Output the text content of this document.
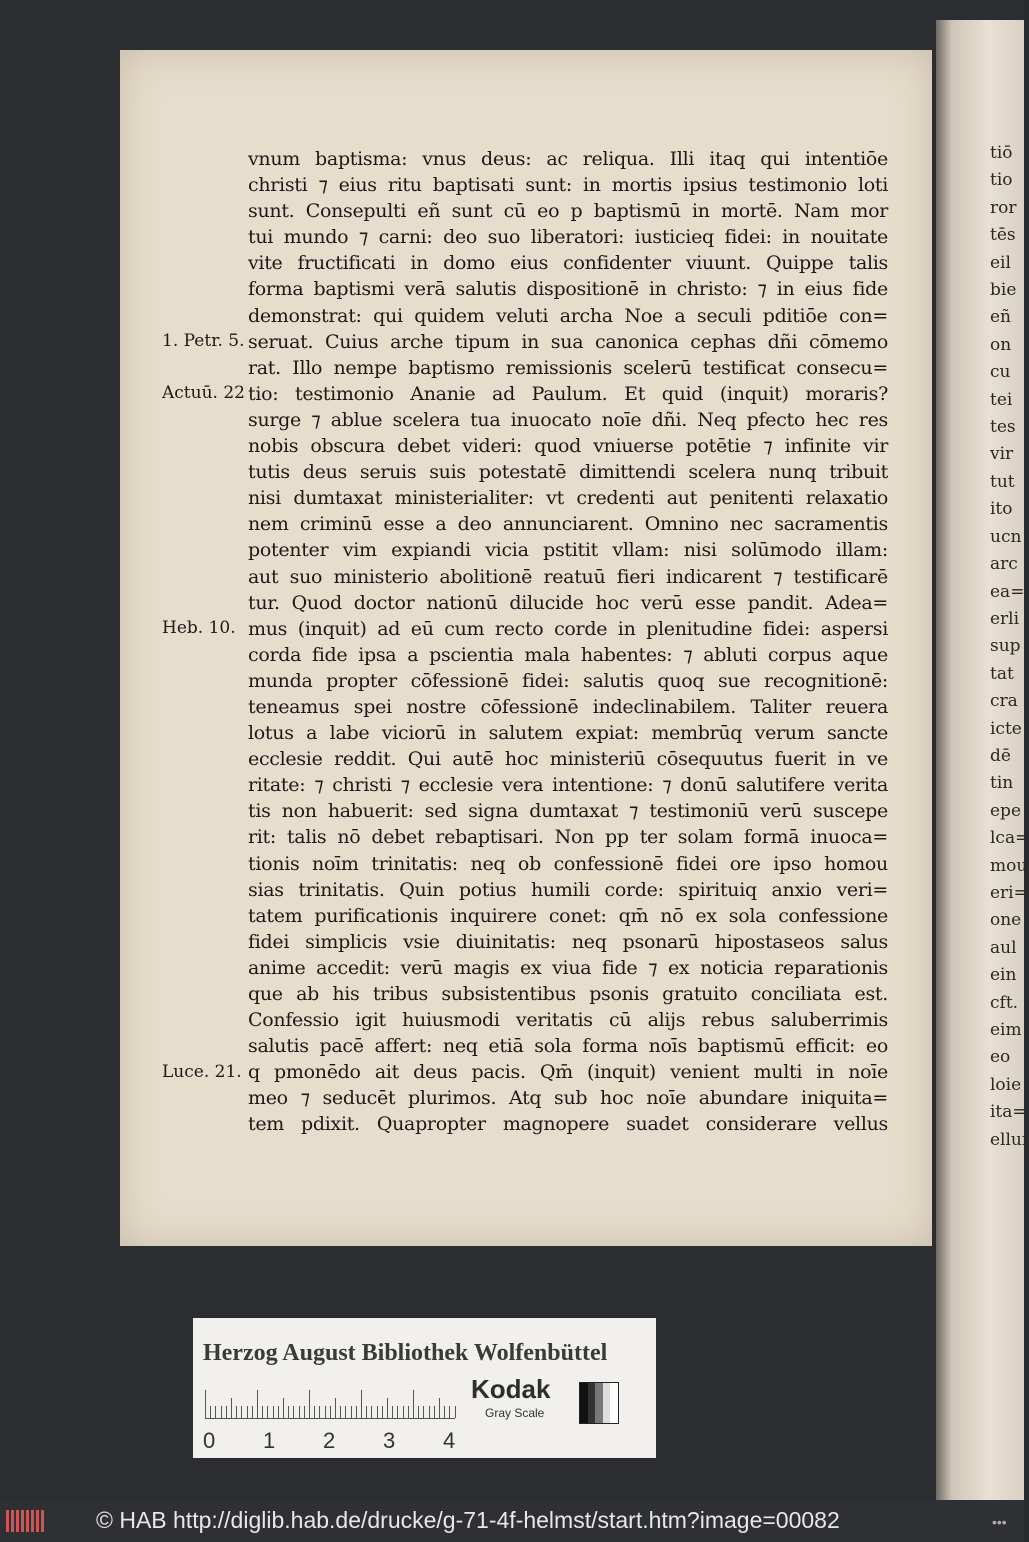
tiō
tio
ror
tēs
eil
bie
eñ
on
cu
tei
tes
vir
tut
ito
ucn
arc
ea=
erli
sup
tat
cra
icte
dē
tin
epe
lca=
mou
eri=
one
aul
ein
cft.
eim
eo
loie
ita=
elluı
vnum baptisma: vnus deus: ac reliqua. Illi itaq qui intentiōe
christi ⁊ eius ritu baptisati sunt: in mortis ipsius testimonio loti
sunt. Consepulti eñ sunt cū eo p baptismū in mortē. Nam mor
tui mundo ⁊ carni: deo suo liberatori: iusticieq fidei: in nouitate
vite fructificati in domo eius confidenter viuunt. Quippe talis
forma baptismi verā salutis dispositionē in christo: ⁊ in eius fide
demonstrat: qui quidem veluti archa Noe a seculi pditiōe con=
seruat. Cuius arche tipum in sua canonica cephas dñi cōmemo
rat. Illo nempe baptismo remissionis scelerū testificat consecu=
tio: testimonio Ananie ad Paulum. Et quid (inquit) moraris?
surge ⁊ ablue scelera tua inuocato noīe dñi. Neq pfecto hec res
nobis obscura debet videri: quod vniuerse potētie ⁊ infinite vir
tutis deus seruis suis potestatē dimittendi scelera nunq tribuit
nisi dumtaxat ministerialiter: vt credenti aut penitenti relaxatio
nem criminū esse a deo annunciarent. Omnino nec sacramentis
potenter vim expiandi vicia pstitit vllam: nisi solūmodo illam:
aut suo ministerio abolitionē reatuū fieri indicarent ⁊ testificarē
tur. Quod doctor nationū dilucide hoc verū esse pandit. Adea=
mus (inquit) ad eū cum recto corde in plenitudine fidei: aspersi
corda fide ipsa a pscientia mala habentes: ⁊ abluti corpus aque
munda propter cōfessionē fidei: salutis quoq sue recognitionē:
teneamus spei nostre cōfessionē indeclinabilem. Taliter reuera
lotus a labe viciorū in salutem expiat: membrūq verum sancte
ecclesie reddit. Qui autē hoc ministeriū cōsequutus fuerit in ve
ritate: ⁊ christi ⁊ ecclesie vera intentione: ⁊ donū salutifere verita
tis non habuerit: sed signa dumtaxat ⁊ testimoniū verū suscepe
rit: talis nō debet rebaptisari. Non pp ter solam formā inuoca=
tionis noīm trinitatis: neq ob confessionē fidei ore ipso homou
sias trinitatis. Quin potius humili corde: spirituiq anxio veri=
tatem purificationis inquirere conet: qm̄ nō ex sola confessione
fidei simplicis vsie diuinitatis: neq psonarū hipostaseos salus
anime accedit: verū magis ex viua fide ⁊ ex noticia reparationis
que ab his tribus subsistentibus psonis gratuito conciliata est.
Confessio igit huiusmodi veritatis cū alijs rebus saluberrimis
salutis pacē affert: neq etiā sola forma noīs baptismū efficit: eo
q pmonēdo ait deus pacis. Qm̄ (inquit) venient multi in noīe
meo ⁊ seducēt plurimos. Atq sub hoc noīe abundare iniquita=
tem pdixit. Quapropter magnopere suadet considerare vellus
1. Petr. 5.
Actuū. 22
Heb. 10.
Luce. 21.
Herzog August Bibliothek Wolfenbüttel
0 1 2 3 4
Kodak
Gray Scale
© HAB http://diglib.hab.de/drucke/g-71-4f-helmst/start.htm?image=00082	•••
